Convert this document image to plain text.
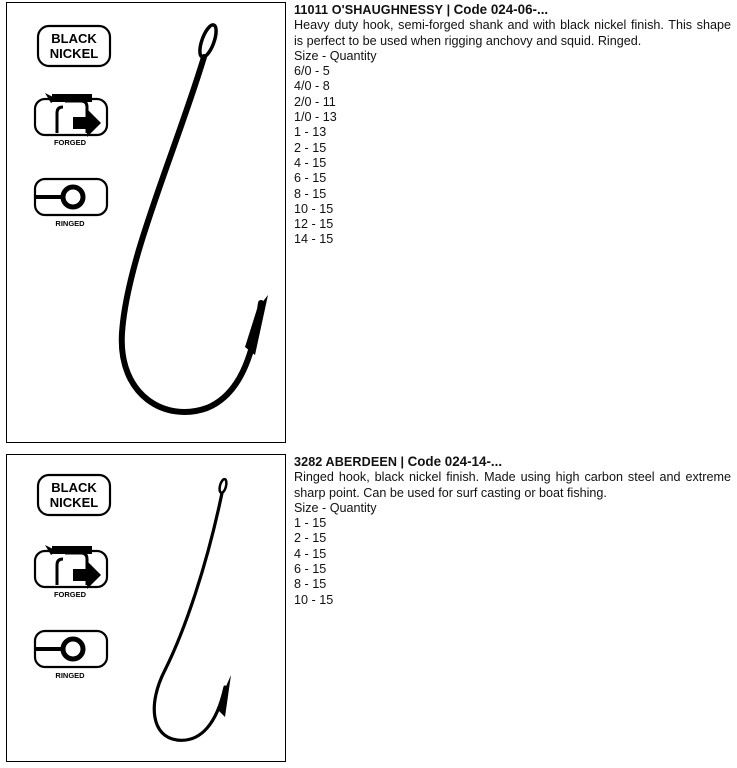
BLACK
NICKEL
FORGED
RINGED
11011 O'SHAUGHNESSY | Code 024-06-...

Heavy duty hook, semi-forged shank and with black nickel finish. This shape is perfect to be used when rigging anchovy and squid. Ringed.

Size - Quantity

6/0 - 5
4/0 - 8
2/0 - 11
1/0 - 13
1 - 13
2 - 15
4 - 15
6 - 15
8 - 15
10 - 15
12 - 15
14 - 15
BLACK
NICKEL
FORGED
RINGED
3282 ABERDEEN | Code 024-14-...

Ringed hook, black nickel finish. Made using high carbon steel and extreme sharp point. Can be used for surf casting or boat fishing.

Size - Quantity

1 - 15
2 - 15
4 - 15
6 - 15
8 - 15
10 - 15
